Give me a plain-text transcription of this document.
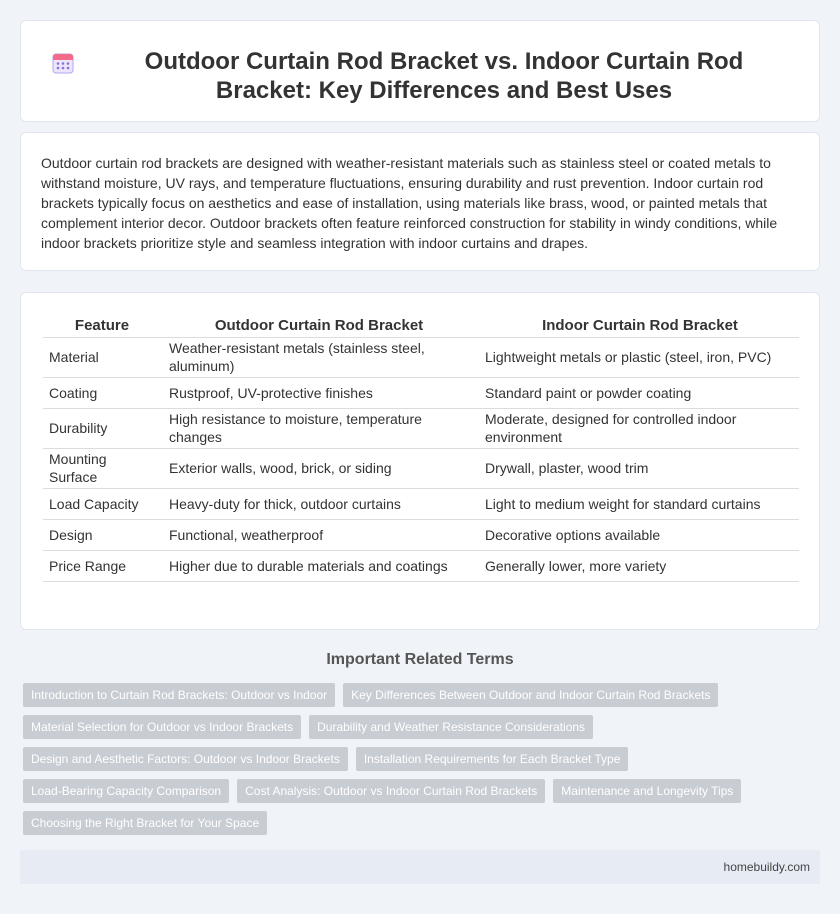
Outdoor Curtain Rod Bracket vs. Indoor Curtain Rod Bracket: Key Differences and Best Uses

Outdoor curtain rod brackets are designed with weather-resistant materials such as stainless steel or coated metals to withstand moisture, UV rays, and temperature fluctuations, ensuring durability and rust prevention. Indoor curtain rod brackets typically focus on aesthetics and ease of installation, using materials like brass, wood, or painted metals that complement interior decor. Outdoor brackets often feature reinforced construction for stability in windy conditions, while indoor brackets prioritize style and seamless integration with indoor curtains and drapes.

Feature	Outdoor Curtain Rod Bracket	Indoor Curtain Rod Bracket
Material	Weather-resistant metals (stainless steel, aluminum)	Lightweight metals or plastic (steel, iron, PVC)
Coating	Rustproof, UV-protective finishes	Standard paint or powder coating
Durability	High resistance to moisture, temperature changes	Moderate, designed for controlled indoor environment
Mounting Surface	Exterior walls, wood, brick, or siding	Drywall, plaster, wood trim
Load Capacity	Heavy-duty for thick, outdoor curtains	Light to medium weight for standard curtains
Design	Functional, weatherproof	Decorative options available
Price Range	Higher due to durable materials and coatings	Generally lower, more variety
Important Related Terms
Introduction to Curtain Rod Brackets: Outdoor vs Indoor	Key Differences Between Outdoor and Indoor Curtain Rod Brackets
Material Selection for Outdoor vs Indoor Brackets	Durability and Weather Resistance Considerations
Design and Aesthetic Factors: Outdoor vs Indoor Brackets	Installation Requirements for Each Bracket Type
Load-Bearing Capacity Comparison	Cost Analysis: Outdoor vs Indoor Curtain Rod Brackets	Maintenance and Longevity Tips
Choosing the Right Bracket for Your Space
homebuildy.com
